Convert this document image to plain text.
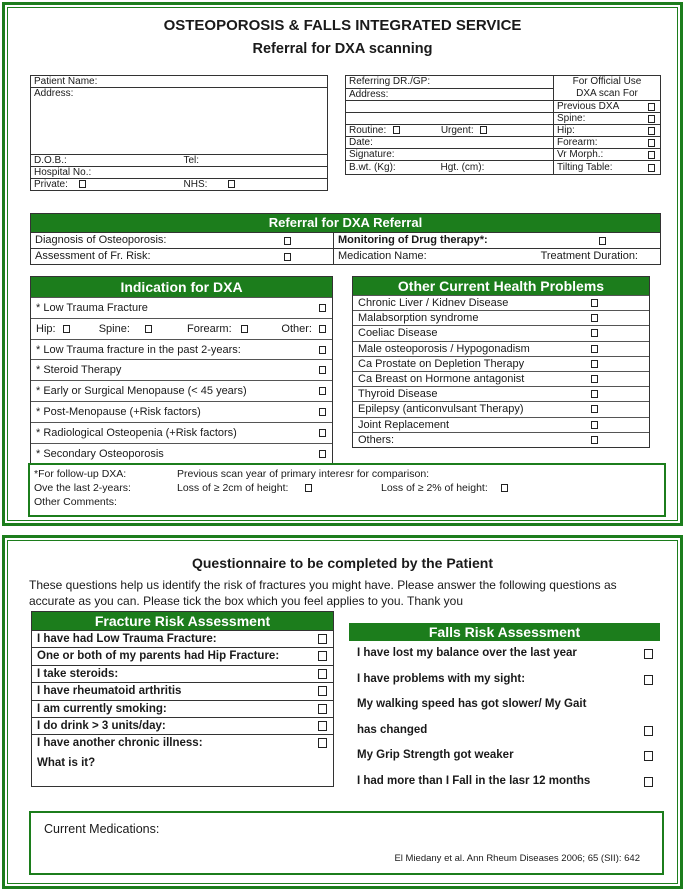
OSTEOPOROSIS & FALLS INTEGRATED SERVICE
Referral for DXA scanning
Patient Name:	
Address:	
D.O.B.:	Tel:
Hospital No.:	
Private:	NHS:
Referring DR./GP:	For Official Use
DXA scan For

Address:	
	Previous DXA

	Spine:

Routine: Urgent:	Hip:

Date:	Forearm:

Signature:	Vr Morph.:

B.wt. (Kg): Hgt. (cm):	Tilting Table:
Referral for DXA Referral
Diagnosis of Osteoporosis:	Monitoring of Drug therapy*:
Assessment of Fr. Risk:	Medication Name:	Treatment Duration:
Indication for DXA
* Low Trauma Fracture
Hip:	Spine:	Forearm:	Other:
* Low Trauma fracture in the past 2-years:
* Steroid Therapy
* Early or Surgical Menopause (< 45 years)
* Post-Menopause (+Risk factors)
* Radiological Osteopenia (+Risk factors)
* Secondary Osteoporosis
Other Current Health Problems
Chronic Liver / Kidnev Disease
Malabsorption syndrome
Coeliac Disease
Male osteoporosis / Hypogonadism
Ca Prostate on Depletion Therapy
Ca Breast on Hormone antagonist
Thyroid Disease
Epilepsy (anticonvulsant Therapy)
Joint Replacement
Others:
*For follow-up DXA:	Previous scan year of primary interesr for comparison:
Ove the last 2-years:	Loss of ≥ 2cm of height:	Loss of ≥ 2% of height:
Other Comments:
Questionnaire to be completed by the Patient
These questions help us identify the risk of fractures you might have. Please answer the following questions as accurate as you can. Please tick the box which you feel applies to you. Thank you
Fracture Risk Assessment
I have had Low Trauma Fracture:
One or both of my parents had Hip Fracture:
I take steroids:
I have rheumatoid arthritis
I am currently smoking:
I do drink > 3 units/day:
I have another chronic illness:
What is it?
Falls Risk Assessment
I have lost my balance over the last year
I have problems with my sight:
My walking speed has got slower/ My Gait
has changed
My Grip Strength got weaker
I had more than I Fall in the lasr 12 months
Current Medications:
El Miedany et al. Ann Rheum Diseases 2006; 65 (SII): 642
